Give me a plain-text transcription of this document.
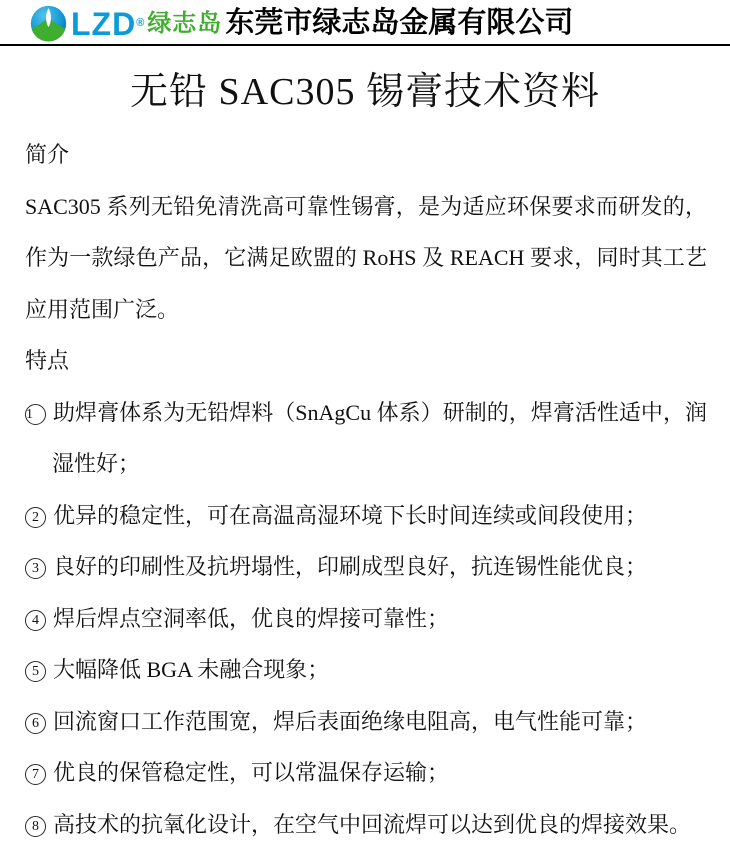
LZD ® 绿志岛 东莞市绿志岛金属有限公司
无铅 SAC305 锡膏技术资料
简介
SAC305 系列无铅免清洗高可靠性锡膏，是为适应环保要求而研发的，
作为一款绿色产品，它满足欧盟的 RoHS 及 REACH 要求，同时其工艺
应用范围广泛。
特点
1 助焊膏体系为无铅焊料（SnAgCu 体系）研制的，焊膏活性适中，润
湿性好；
2 优异的稳定性，可在高温高湿环境下长时间连续或间段使用；
3 良好的印刷性及抗坍塌性，印刷成型良好，抗连锡性能优良；
4 焊后焊点空洞率低，优良的焊接可靠性；
5 大幅降低 BGA 未融合现象；
6 回流窗口工作范围宽，焊后表面绝缘电阻高，电气性能可靠；
7 优良的保管稳定性，可以常温保存运输；
8 高技术的抗氧化设计，在空气中回流焊可以达到优良的焊接效果。
